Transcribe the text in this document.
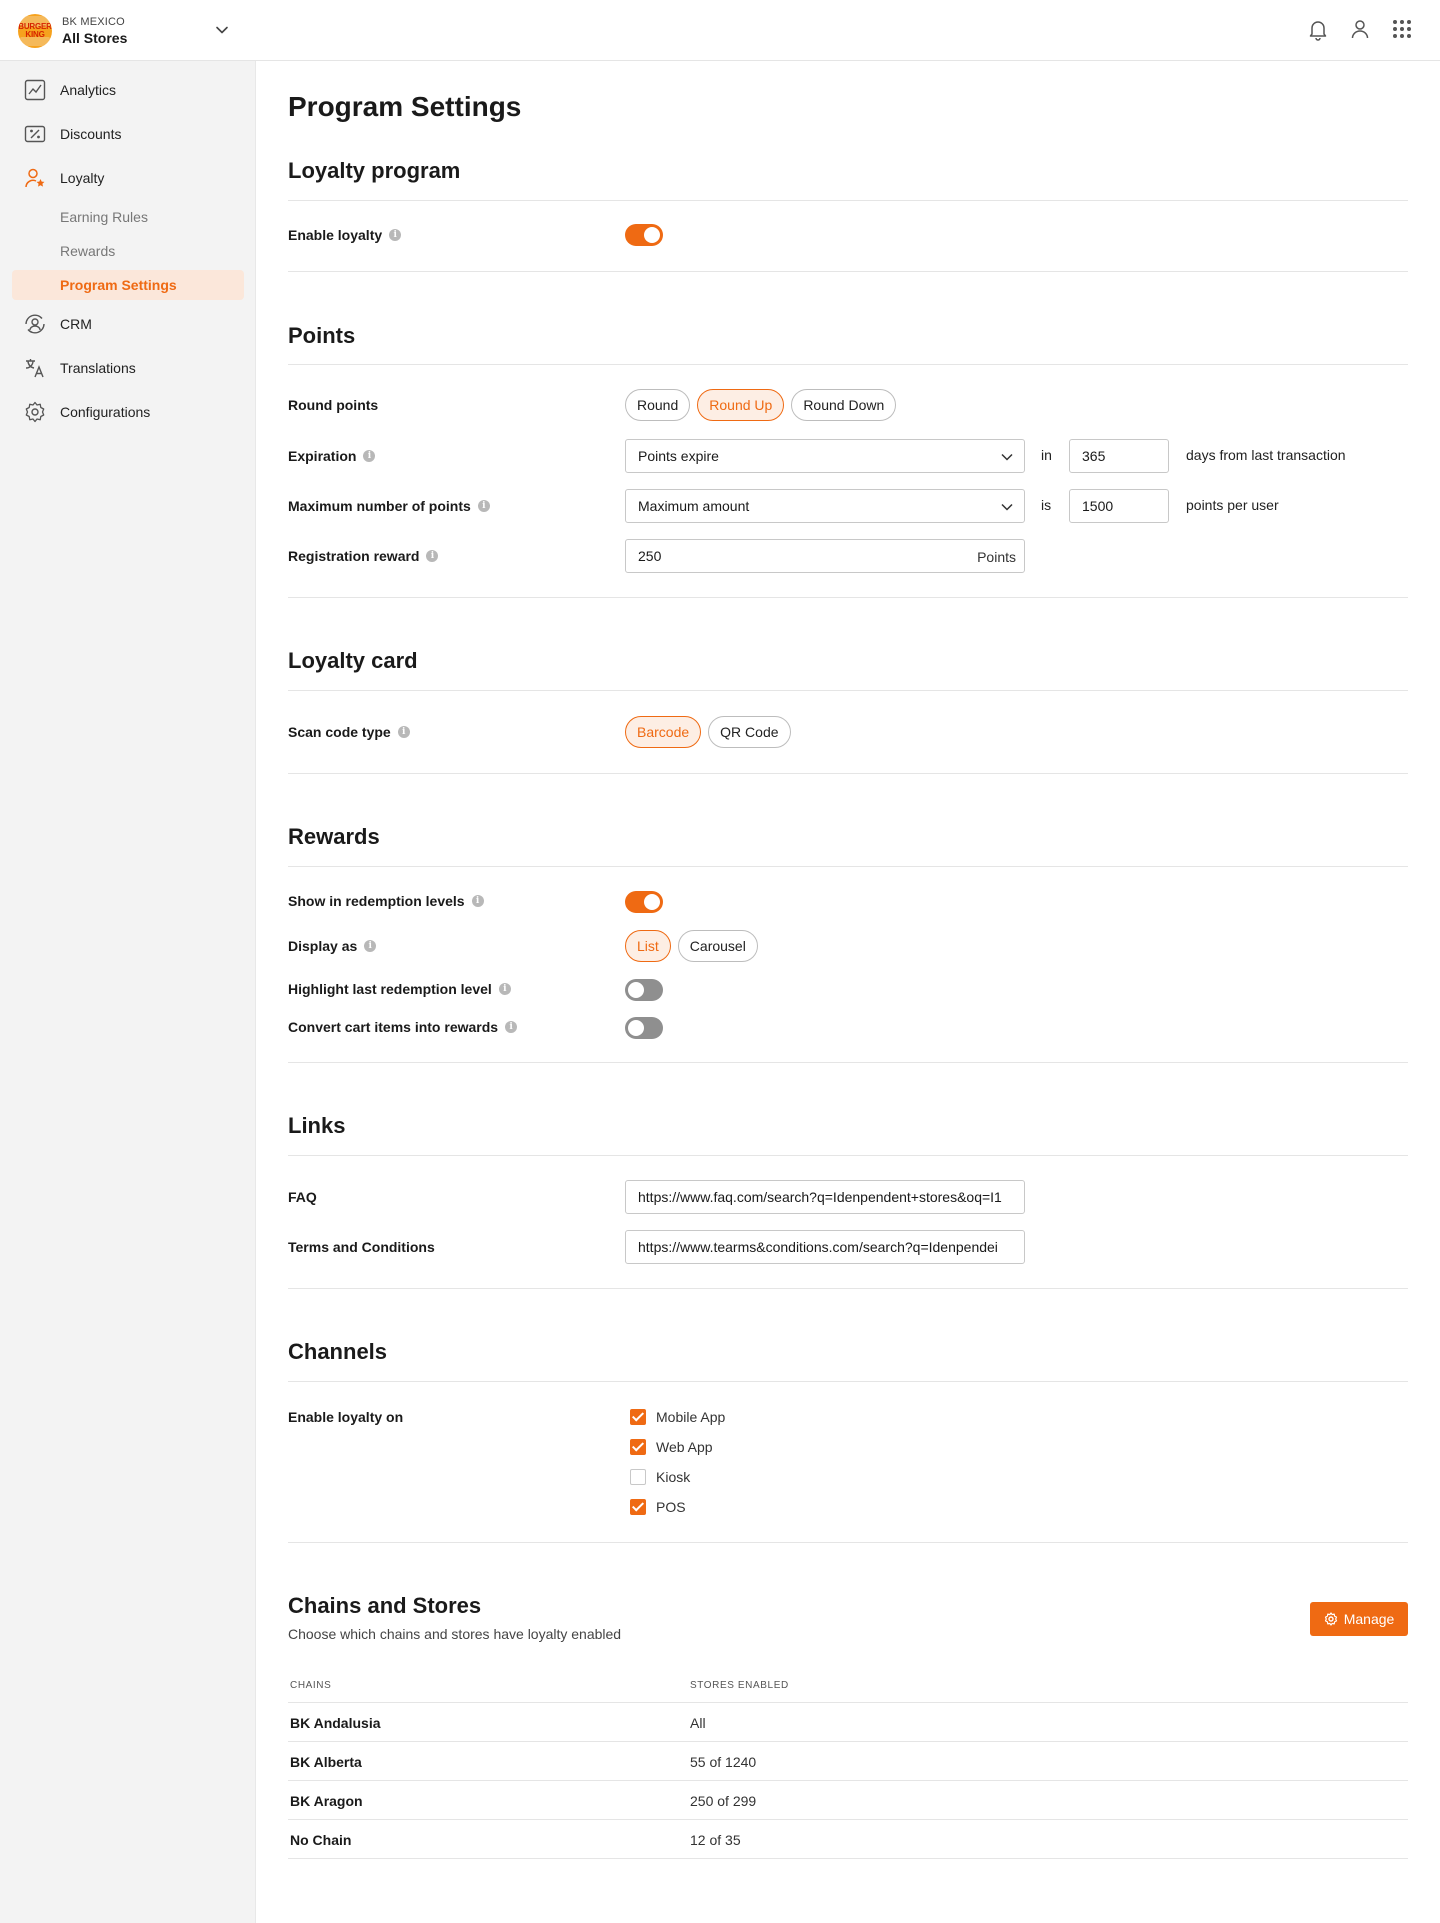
BURGER KING
BK MEXICO
All Stores
Analytics
Discounts
Loyalty
Earning Rules
Rewards
Program Settings
CRM
Translations
Configurations
Program Settings
Loyalty program
Enable loyalty	i
Points
Round points	Round	Round Up	Round Down
Expiration	i	Points expire	in	365	days from last transaction
Maximum number of points	i	Maximum amount	is	1500	points per user
Registration reward	i	250	Points
Loyalty card
Scan code type	i	Barcode	QR Code
Rewards
Show in redemption levels	i
Display as	i	List	Carousel
Highlight last redemption level	i
Convert cart items into rewards	i
Links
FAQ	https://www.faq.com/search?q=Idenpendent+stores&oq=I1
Terms and Conditions	https://www.tearms&conditions.com/search?q=Idenpendei
Channels
Enable loyalty on	Mobile App
Web App
Kiosk
POS
Chains and Stores
Choose which chains and stores have loyalty enabled
Manage
CHAINS	STORES ENABLED
BK Andalusia	All
BK Alberta	55 of 1240
BK Aragon	250 of 299
No Chain	12 of 35
